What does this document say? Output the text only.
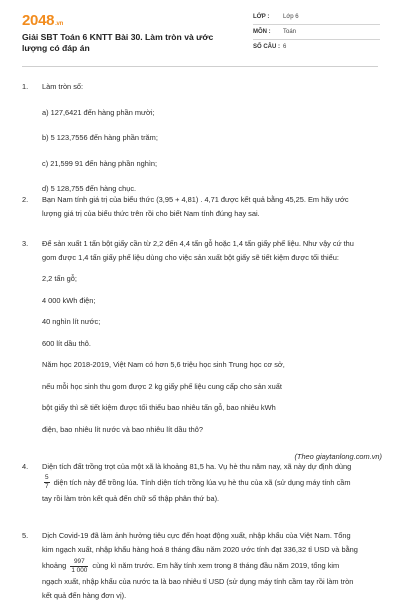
2048.vn
Giải SBT Toán 6 KNTT Bài 30. Làm tròn và ước lượng có đáp án
LỚP :	Lớp 6
MÔN :	Toán
SỐ CÂU : 6
1. Làm tròn số:
a) 127,6421 đến hàng phần mười;
b) 5 123,7556 đến hàng phần trăm;
c) 21,599 91 đến hàng phần nghìn;
d) 5 128,755 đến hàng chục.
2. Bạn Nam tính giá trị của biểu thức (3,95 + 4,81) . 4,71 được kết quả bằng 45,25. Em hãy ước
lượng giá trị của biểu thức trên rồi cho biết Nam tính đúng hay sai.
3. Để sản xuất 1 tấn bột giấy cần từ 2,2 đến 4,4 tấn gỗ hoặc 1,4 tấn giấy phế liệu. Như vậy cứ thu
gom được 1,4 tấn giấy phế liệu dùng cho việc sản xuất bột giấy sẽ tiết kiệm được tối thiểu:
2,2 tấn gỗ;
4 000 kWh điện;
40 nghìn lít nước;
600 lít dầu thô.
Năm học 2018-2019, Việt Nam có hơn 5,6 triệu học sinh Trung học cơ sở,
nếu mỗi học sinh thu gom được 2 kg giấy phế liệu cung cấp cho sản xuất
bột giấy thì sẽ tiết kiệm được tối thiểu bao nhiêu tấn gỗ, bao nhiêu kWh
điện, bao nhiêu lít nước và bao nhiêu lít dầu thô?
(Theo giaytanlong.com.vn)
4. Diện tích đất trồng trọt của một xã là khoảng 81,5 ha. Vụ hè thu năm nay, xã này dự định dùng
$\frac{5}{7}$ diện tích này để trồng lúa. Tính diện tích trồng lúa vụ hè thu của xã (sử dụng máy tính cầm
tay rồi làm tròn kết quả đến chữ số thập phân thứ ba).
5. Dịch Covid-19 đã làm ảnh hưởng tiêu cực đến hoạt động xuất, nhập khẩu của Việt Nam. Tổng
kim ngạch xuất, nhập khẩu hàng hoá 8 tháng đầu năm 2020 ước tính đạt 336,32 tỉ USD và bằng
khoảng $\frac{997}{1 000}$ cùng kì năm trước. Em hãy tính xem trong 8 tháng đầu năm 2019, tổng kim
ngạch xuất, nhập khẩu của nước ta là bao nhiêu tỉ USD (sử dụng máy tính cầm tay rồi làm tròn
kết quả đến hàng đơn vị).
